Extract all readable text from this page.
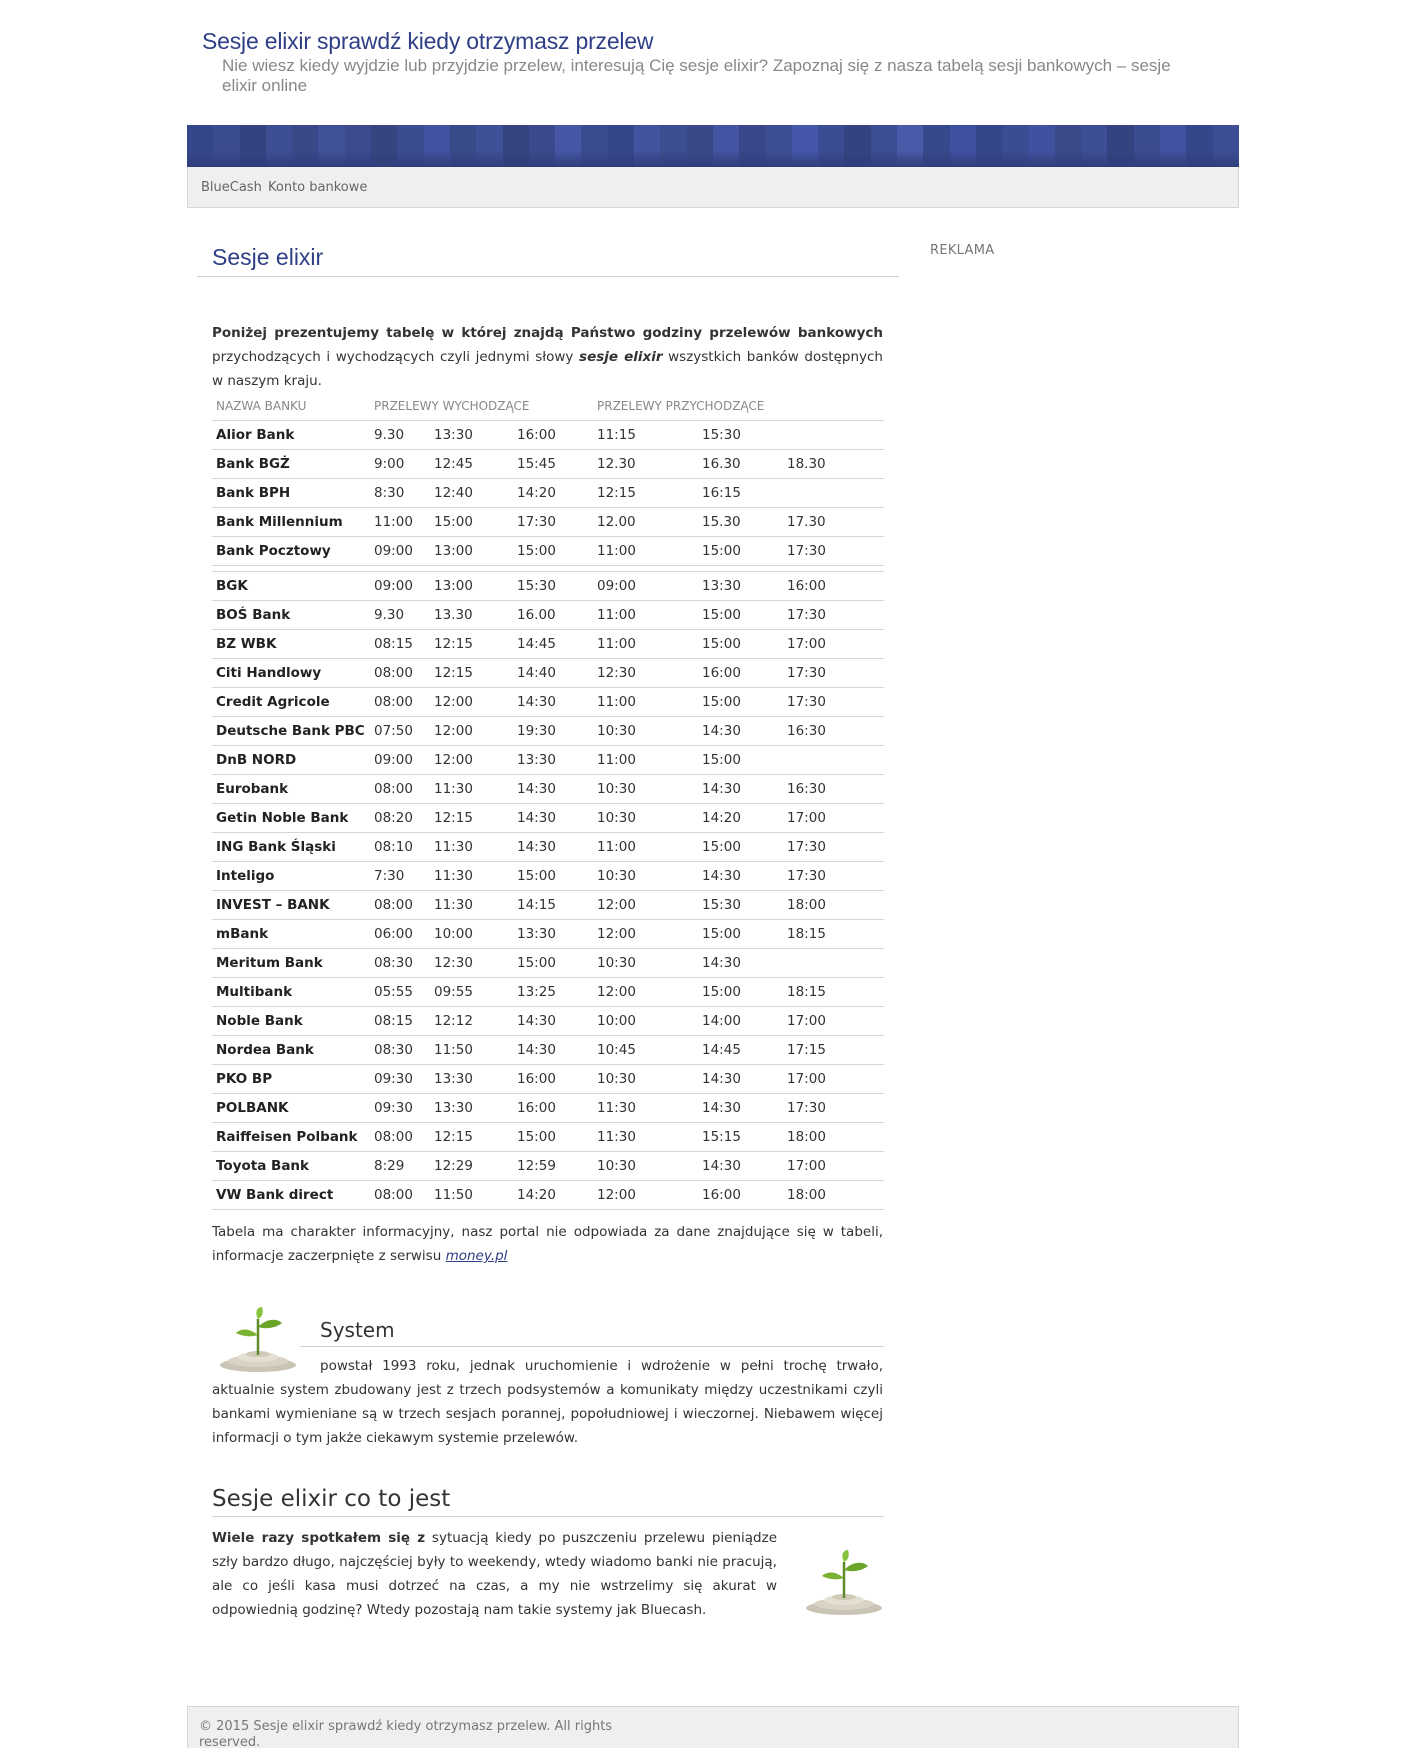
Sesje elixir sprawdź kiedy otrzymasz przelew
Nie wiesz kiedy wyjdzie lub przyjdzie przelew, interesują Cię sesje elixir? Zapoznaj się z nasza tabelą sesji bankowych – sesje elixir online
BlueCash Konto bankowe
Sesje elixir

Poniżej prezentujemy tabelę w której znajdą Państwo godziny przelewów bankowych przychodzących i wychodzących czyli jednymi słowy sesje elixir wszystkich banków dostępnych w naszym kraju.

NAZWA BANKU	PRZELEWY WYCHODZĄCE			PRZELEWY PRZYCHODZĄCE		
Alior Bank	9.30	13:30	16:00	11:15	15:30	
Bank BGŻ	9:00	12:45	15:45	12.30	16.30	18.30
Bank BPH	8:30	12:40	14:20	12:15	16:15	
Bank Millennium	11:00	15:00	17:30	12.00	15.30	17.30
Bank Pocztowy	09:00	13:00	15:00	11:00	15:00	17:30

BGK	09:00	13:00	15:30	09:00	13:30	16:00
BOŚ Bank	9.30	13.30	16.00	11:00	15:00	17:30
BZ WBK	08:15	12:15	14:45	11:00	15:00	17:00
Citi Handlowy	08:00	12:15	14:40	12:30	16:00	17:30
Credit Agricole	08:00	12:00	14:30	11:00	15:00	17:30
Deutsche Bank PBC	07:50	12:00	19:30	10:30	14:30	16:30
DnB NORD	09:00	12:00	13:30	11:00	15:00	
Eurobank	08:00	11:30	14:30	10:30	14:30	16:30
Getin Noble Bank	08:20	12:15	14:30	10:30	14:20	17:00
ING Bank Śląski	08:10	11:30	14:30	11:00	15:00	17:30
Inteligo	7:30	11:30	15:00	10:30	14:30	17:30
INVEST – BANK	08:00	11:30	14:15	12:00	15:30	18:00
mBank	06:00	10:00	13:30	12:00	15:00	18:15
Meritum Bank	08:30	12:30	15:00	10:30	14:30	
Multibank	05:55	09:55	13:25	12:00	15:00	18:15
Noble Bank	08:15	12:12	14:30	10:00	14:00	17:00
Nordea Bank	08:30	11:50	14:30	10:45	14:45	17:15
PKO BP	09:30	13:30	16:00	10:30	14:30	17:00
POLBANK	09:30	13:30	16:00	11:30	14:30	17:30
Raiffeisen Polbank	08:00	12:15	15:00	11:30	15:15	18:00
Toyota Bank	8:29	12:29	12:59	10:30	14:30	17:00
VW Bank direct	08:00	11:50	14:20	12:00	16:00	18:00

Tabela ma charakter informacyjny, nasz portal nie odpowiada za dane znajdujące się w tabeli, informacje zaczerpnięte z serwisu money.pl

System

powstał 1993 roku, jednak uruchomienie i wdrożenie w pełni trochę trwało, aktualnie system zbudowany jest z trzech podsystemów a komunikaty między uczestnikami czyli bankami wymieniane są w trzech sesjach porannej, popołudniowej i wieczornej. Niebawem więcej informacji o tym jakże ciekawym systemie przelewów.

Sesje elixir co to jest

Wiele razy spotkałem się z sytuacją kiedy po puszczeniu przelewu pieniądze szły bardzo długo, najczęściej były to weekendy, wtedy wiadomo banki nie pracują, ale co jeśli kasa musi dotrzeć na czas, a my nie wstrzelimy się akurat w odpowiednią godzinę? Wtedy pozostają nam takie systemy jak Bluecash.

REKLAMA
© 2015 Sesje elixir sprawdź kiedy otrzymasz przelew. All rights reserved.
